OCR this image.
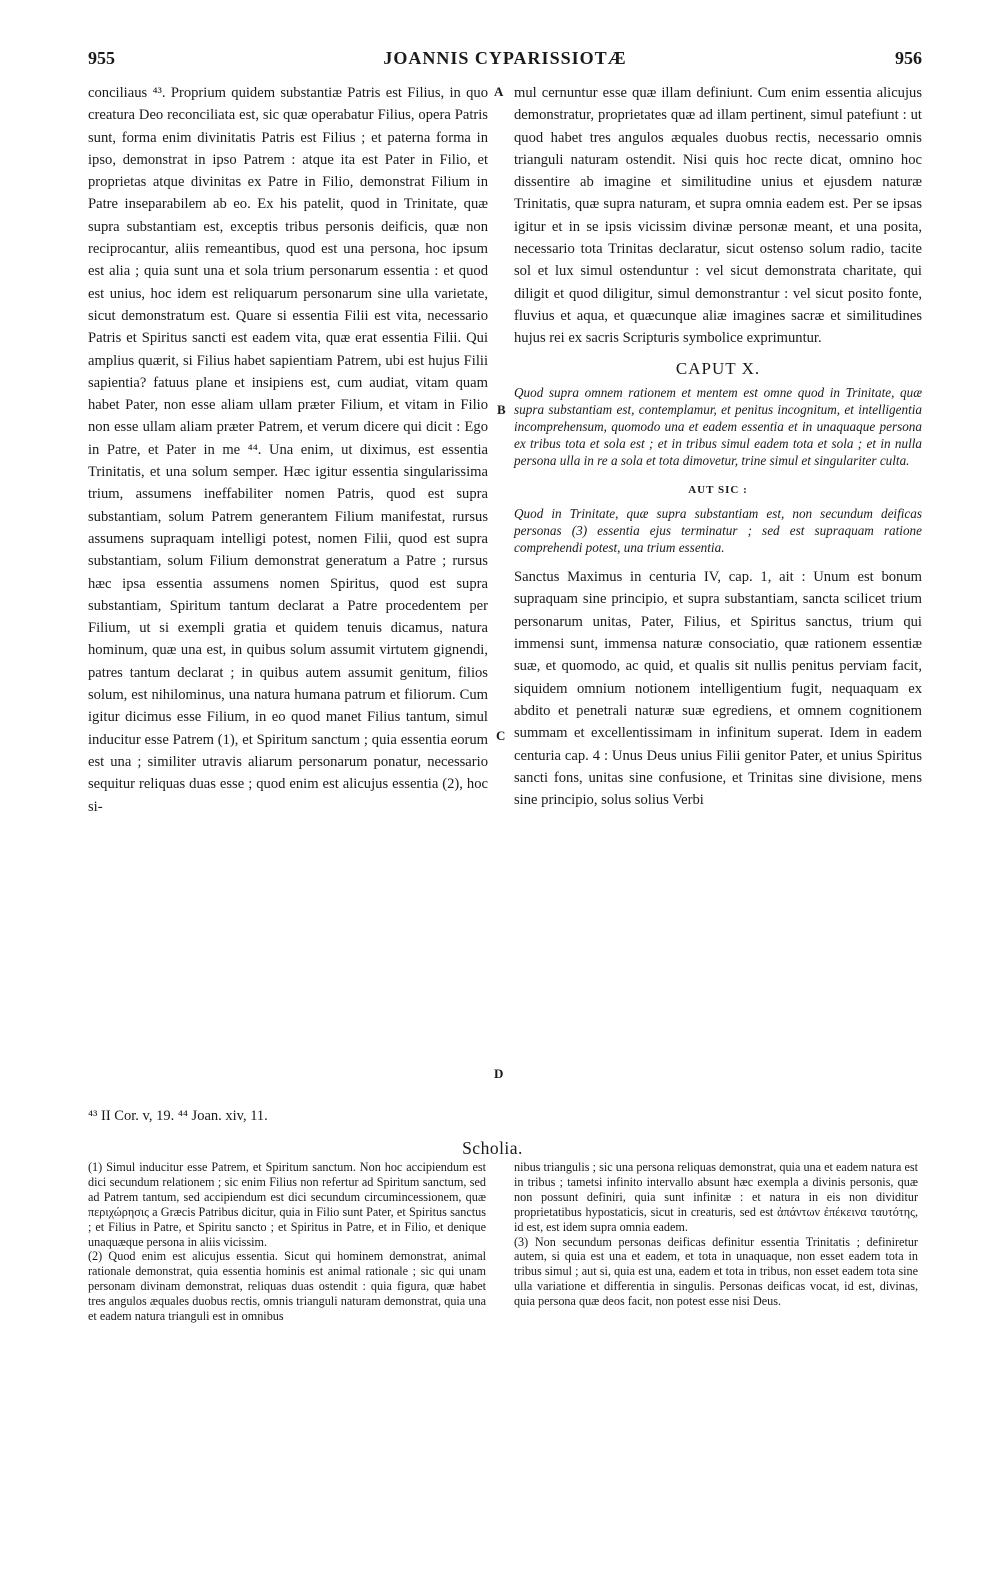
955	JOANNIS CYPARISSIOTÆ	956
A
B
C
D

conciliaus ⁴³. Proprium quidem substantiæ Patris est Filius, in quo creatura Deo reconciliata est, sic quæ operabatur Filius, opera Patris sunt, forma enim divinitatis Patris est Filius ; et paterna forma in ipso, demonstrat in ipso Patrem : atque ita est Pater in Filio, et proprietas atque divinitas ex Patre in Filio, demonstrat Filium in Patre inseparabilem ab eo. Ex his patelit, quod in Trinitate, quæ supra substantiam est, exceptis tribus personis deificis, quæ non reciprocantur, aliis remeantibus, quod est una persona, hoc ipsum est alia ; quia sunt una et sola trium personarum essentia : et quod est unius, hoc idem est reliquarum personarum sine ulla varietate, sicut demonstratum est. Quare si essentia Filii est vita, necessario Patris et Spiritus sancti est eadem vita, quæ erat essentia Filii. Qui amplius quærit, si Filius habet sapientiam Patrem, ubi est hujus Filii sapientia? fatuus plane et insipiens est, cum audiat, vitam quam habet Pater, non esse aliam ullam præter Filium, et vitam in Filio non esse ullam aliam præter Patrem, et verum dicere qui dicit : Ego in Patre, et Pater in me ⁴⁴. Una enim, ut diximus, est essentia Trinitatis, et una solum semper. Hæc igitur essentia singularissima trium, assumens ineffabiliter nomen Patris, quod est supra substantiam, solum Patrem generantem Filium manifestat, rursus assumens supraquam intelligi potest, nomen Filii, quod est supra substantiam, solum Filium demonstrat generatum a Patre ; rursus hæc ipsa essentia assumens nomen Spiritus, quod est supra substantiam, Spiritum tantum declarat a Patre procedentem per Filium, ut si exempli gratia et quidem tenuis dicamus, natura hominum, quæ una est, in quibus solum assumit virtutem gignendi, patres tantum declarat ; in quibus autem assumit genitum, filios solum, est nihilominus, una natura humana patrum et filiorum. Cum igitur dicimus esse Filium, in eo quod manet Filius tantum, simul inducitur esse Patrem (1), et Spiritum sanctum ; quia essentia eorum est una ; similiter utravis aliarum personarum ponatur, necessario sequitur reliquas duas esse ; quod enim est alicujus essentia (2), hoc si-

mul cernuntur esse quæ illam definiunt. Cum enim essentia alicujus demonstratur, proprietates quæ ad illam pertinent, simul patefiunt : ut quod habet tres angulos æquales duobus rectis, necessario omnis trianguli naturam ostendit. Nisi quis hoc recte dicat, omnino hoc dissentire ab imagine et similitudine unius et ejusdem naturæ Trinitatis, quæ supra naturam, et supra omnia eadem est. Per se ipsas igitur et in se ipsis vicissim divinæ personæ meant, et una posita, necessario tota Trinitas declaratur, sicut ostenso solum radio, tacite sol et lux simul ostenduntur : vel sicut demonstrata charitate, qui diligit et quod diligitur, simul demonstrantur : vel sicut posito fonte, fluvius et aqua, et quæcunque aliæ imagines sacræ et similitudines hujus rei ex sacris Scripturis symbolice exprimuntur.

CAPUT X.

Quod supra omnem rationem et mentem est omne quod in Trinitate, quæ supra substantiam est, contemplamur, et penitus incognitum, et intelligentia incomprehensum, quomodo una et eadem essentia et in unaquaque persona ex tribus tota et sola est ; et in tribus simul eadem tota et sola ; et in nulla persona ulla in re a sola et tota dimovetur, trine simul et singulariter culta.

AUT SIC :

Quod in Trinitate, quæ supra substantiam est, non secundum deificas personas (3) essentia ejus terminatur ; sed est supraquam ratione comprehendi potest, una trium essentia.

Sanctus Maximus in centuria IV, cap. 1, ait : Unum est bonum supraquam sine principio, et supra substantiam, sancta scilicet trium personarum unitas, Pater, Filius, et Spiritus sanctus, trium qui immensi sunt, immensa naturæ consociatio, quæ rationem essentiæ suæ, et quomodo, ac quid, et qualis sit nullis penitus perviam facit, siquidem omnium notionem intelligentium fugit, nequaquam ex abdito et penetrali naturæ suæ egrediens, et omnem cognitionem summam et excellentissimam in infinitum superat. Idem in eadem centuria cap. 4 : Unus Deus unius Filii genitor Pater, et unius Spiritus sancti fons, unitas sine confusione, et Trinitas sine divisione, mens sine principio, solus solius Verbi

⁴³ II Cor. v, 19. ⁴⁴ Joan. xiv, 11.
Scholia.

(1) Simul inducitur esse Patrem, et Spiritum sanctum. Non hoc accipiendum est dici secundum relationem ; sic enim Filius non refertur ad Spiritum sanctum, sed ad Patrem tantum, sed accipiendum est dici secundum circumincessionem, quæ περιχώρησις a Græcis Patribus dicitur, quia in Filio sunt Pater, et Spiritus sanctus ; et Filius in Patre, et Spiritu sancto ; et Spiritus in Patre, et in Filio, et denique unaquæque persona in aliis vicissim.

(2) Quod enim est alicujus essentia. Sicut qui hominem demonstrat, animal rationale demonstrat, quia essentia hominis est animal rationale ; sic qui unam personam divinam demonstrat, reliquas duas ostendit : quia figura, quæ habet tres angulos æquales duobus rectis, omnis trianguli naturam demonstrat, quia una et eadem natura trianguli est in omnibus

nibus triangulis ; sic una persona reliquas demonstrat, quia una et eadem natura est in tribus ; tametsi infinito intervallo absunt hæc exempla a divinis personis, quæ non possunt definiri, quia sunt infinitæ : et natura in eis non dividitur proprietatibus hypostaticis, sicut in creaturis, sed est ἀπάντων ἐπέκεινα ταυτότης, id est, est idem supra omnia eadem.

(3) Non secundum personas deificas definitur essentia Trinitatis ; definiretur autem, si quia est una et eadem, et tota in unaquaque, non esset eadem tota in tribus simul ; aut si, quia est una, eadem et tota in tribus, non esset eadem tota sine ulla variatione et differentia in singulis. Personas deificas vocat, id est, divinas, quia persona quæ deos facit, non potest esse nisi Deus.
